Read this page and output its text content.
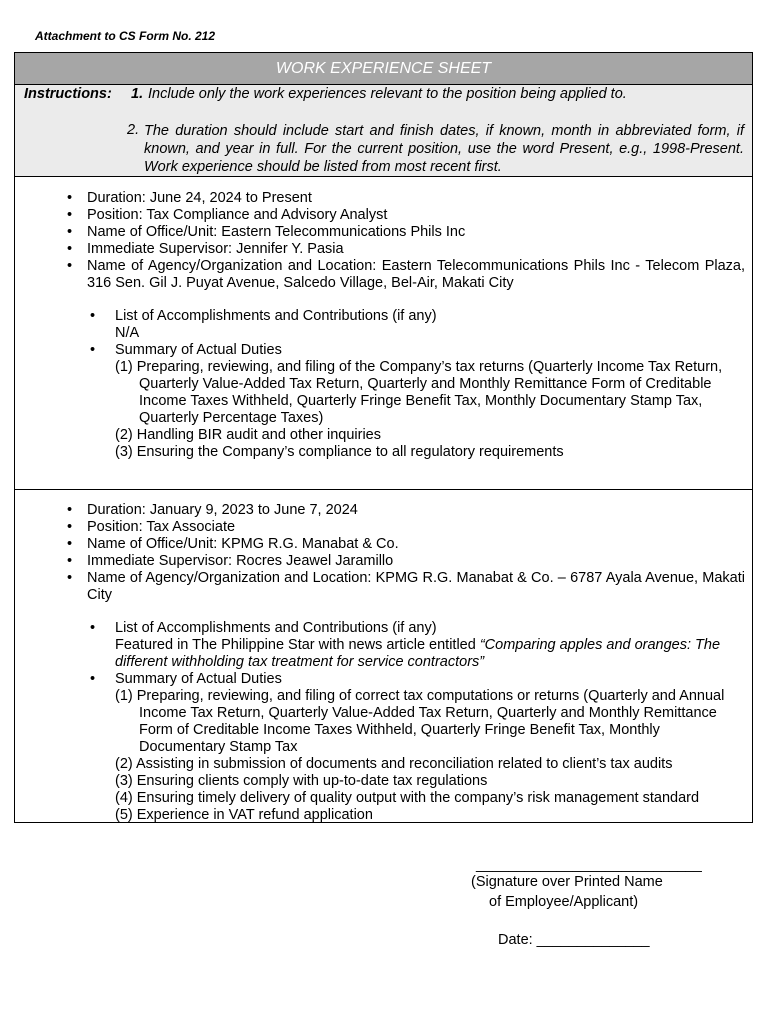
Attachment to CS Form No. 212
WORK EXPERIENCE SHEET
Instructions: 1. Include only the work experiences relevant to the position being applied to.
2. The duration should include start and finish dates, if known, month in abbreviated form, if known, and year in full. For the current position, use the word Present, e.g., 1998-Present. Work experience should be listed from most recent first.
• Duration: June 24, 2024 to Present
• Position: Tax Compliance and Advisory Analyst
• Name of Office/Unit: Eastern Telecommunications Phils Inc
• Immediate Supervisor: Jennifer Y. Pasia
• Name of Agency/Organization and Location: Eastern Telecommunications Phils Inc - Telecom Plaza, 316 Sen. Gil J. Puyat Avenue, Salcedo Village, Bel-Air, Makati City
• List of Accomplishments and Contributions (if any)
N/A
• Summary of Actual Duties
(1) Preparing, reviewing, and filing of the Company’s tax returns (Quarterly Income Tax Return, Quarterly Value-Added Tax Return, Quarterly and Monthly Remittance Form of Creditable Income Taxes Withheld, Quarterly Fringe Benefit Tax, Monthly Documentary Stamp Tax, Quarterly Percentage Taxes)
(2) Handling BIR audit and other inquiries
(3) Ensuring the Company’s compliance to all regulatory requirements
• Duration: January 9, 2023 to June 7, 2024
• Position: Tax Associate
• Name of Office/Unit: KPMG R.G. Manabat & Co.
• Immediate Supervisor: Rocres Jeawel Jaramillo
• Name of Agency/Organization and Location: KPMG R.G. Manabat & Co. – 6787 Ayala Avenue, Makati City
• List of Accomplishments and Contributions (if any)
Featured in The Philippine Star with news article entitled “Comparing apples and oranges: The different withholding tax treatment for service contractors”
• Summary of Actual Duties
(1) Preparing, reviewing, and filing of correct tax computations or returns (Quarterly and Annual Income Tax Return, Quarterly Value-Added Tax Return, Quarterly and Monthly Remittance Form of Creditable Income Taxes Withheld, Quarterly Fringe Benefit Tax, Monthly Documentary Stamp Tax
(2) Assisting in submission of documents and reconciliation related to client’s tax audits
(3) Ensuring clients comply with up-to-date tax regulations
(4) Ensuring timely delivery of quality output with the company’s risk management standard
(5) Experience in VAT refund application
____________________________
(Signature over Printed Name
of Employee/Applicant)
Date: ______________
